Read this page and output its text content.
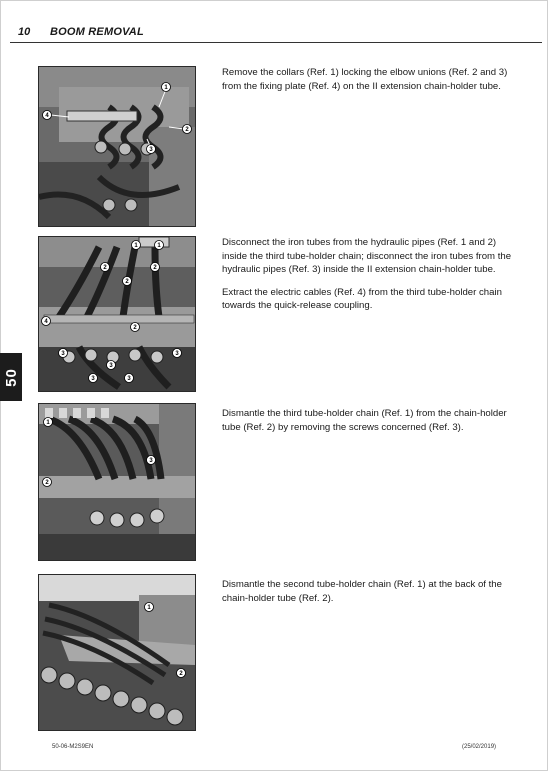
10 BOOM REMOVAL
50
1
4
2
3

Remove the collars (Ref. 1) locking the elbow unions (Ref. 2 and 3) from the fixing plate (Ref. 4) on the II extension chain-holder tube.

1	1
2
2
2
2
4
3
3	3
3
3

Disconnect the iron tubes from the hydraulic pipes (Ref. 1 and 2) inside the third tube-holder chain; disconnect the iron tubes from the hydraulic pipes (Ref. 3) inside the II extension chain-holder tube.

Extract the electric cables (Ref. 4) from the third tube-holder chain towards the quick-release coupling.

1
2
3

Dismantle the third tube-holder chain (Ref. 1) from the chain-holder tube (Ref. 2) by removing the screws concerned (Ref. 3).

1
2

Dismantle the second tube-holder chain (Ref. 1) at the back of the chain-holder tube (Ref. 2).

50-06-M2S9EN	(25/02/2019)
